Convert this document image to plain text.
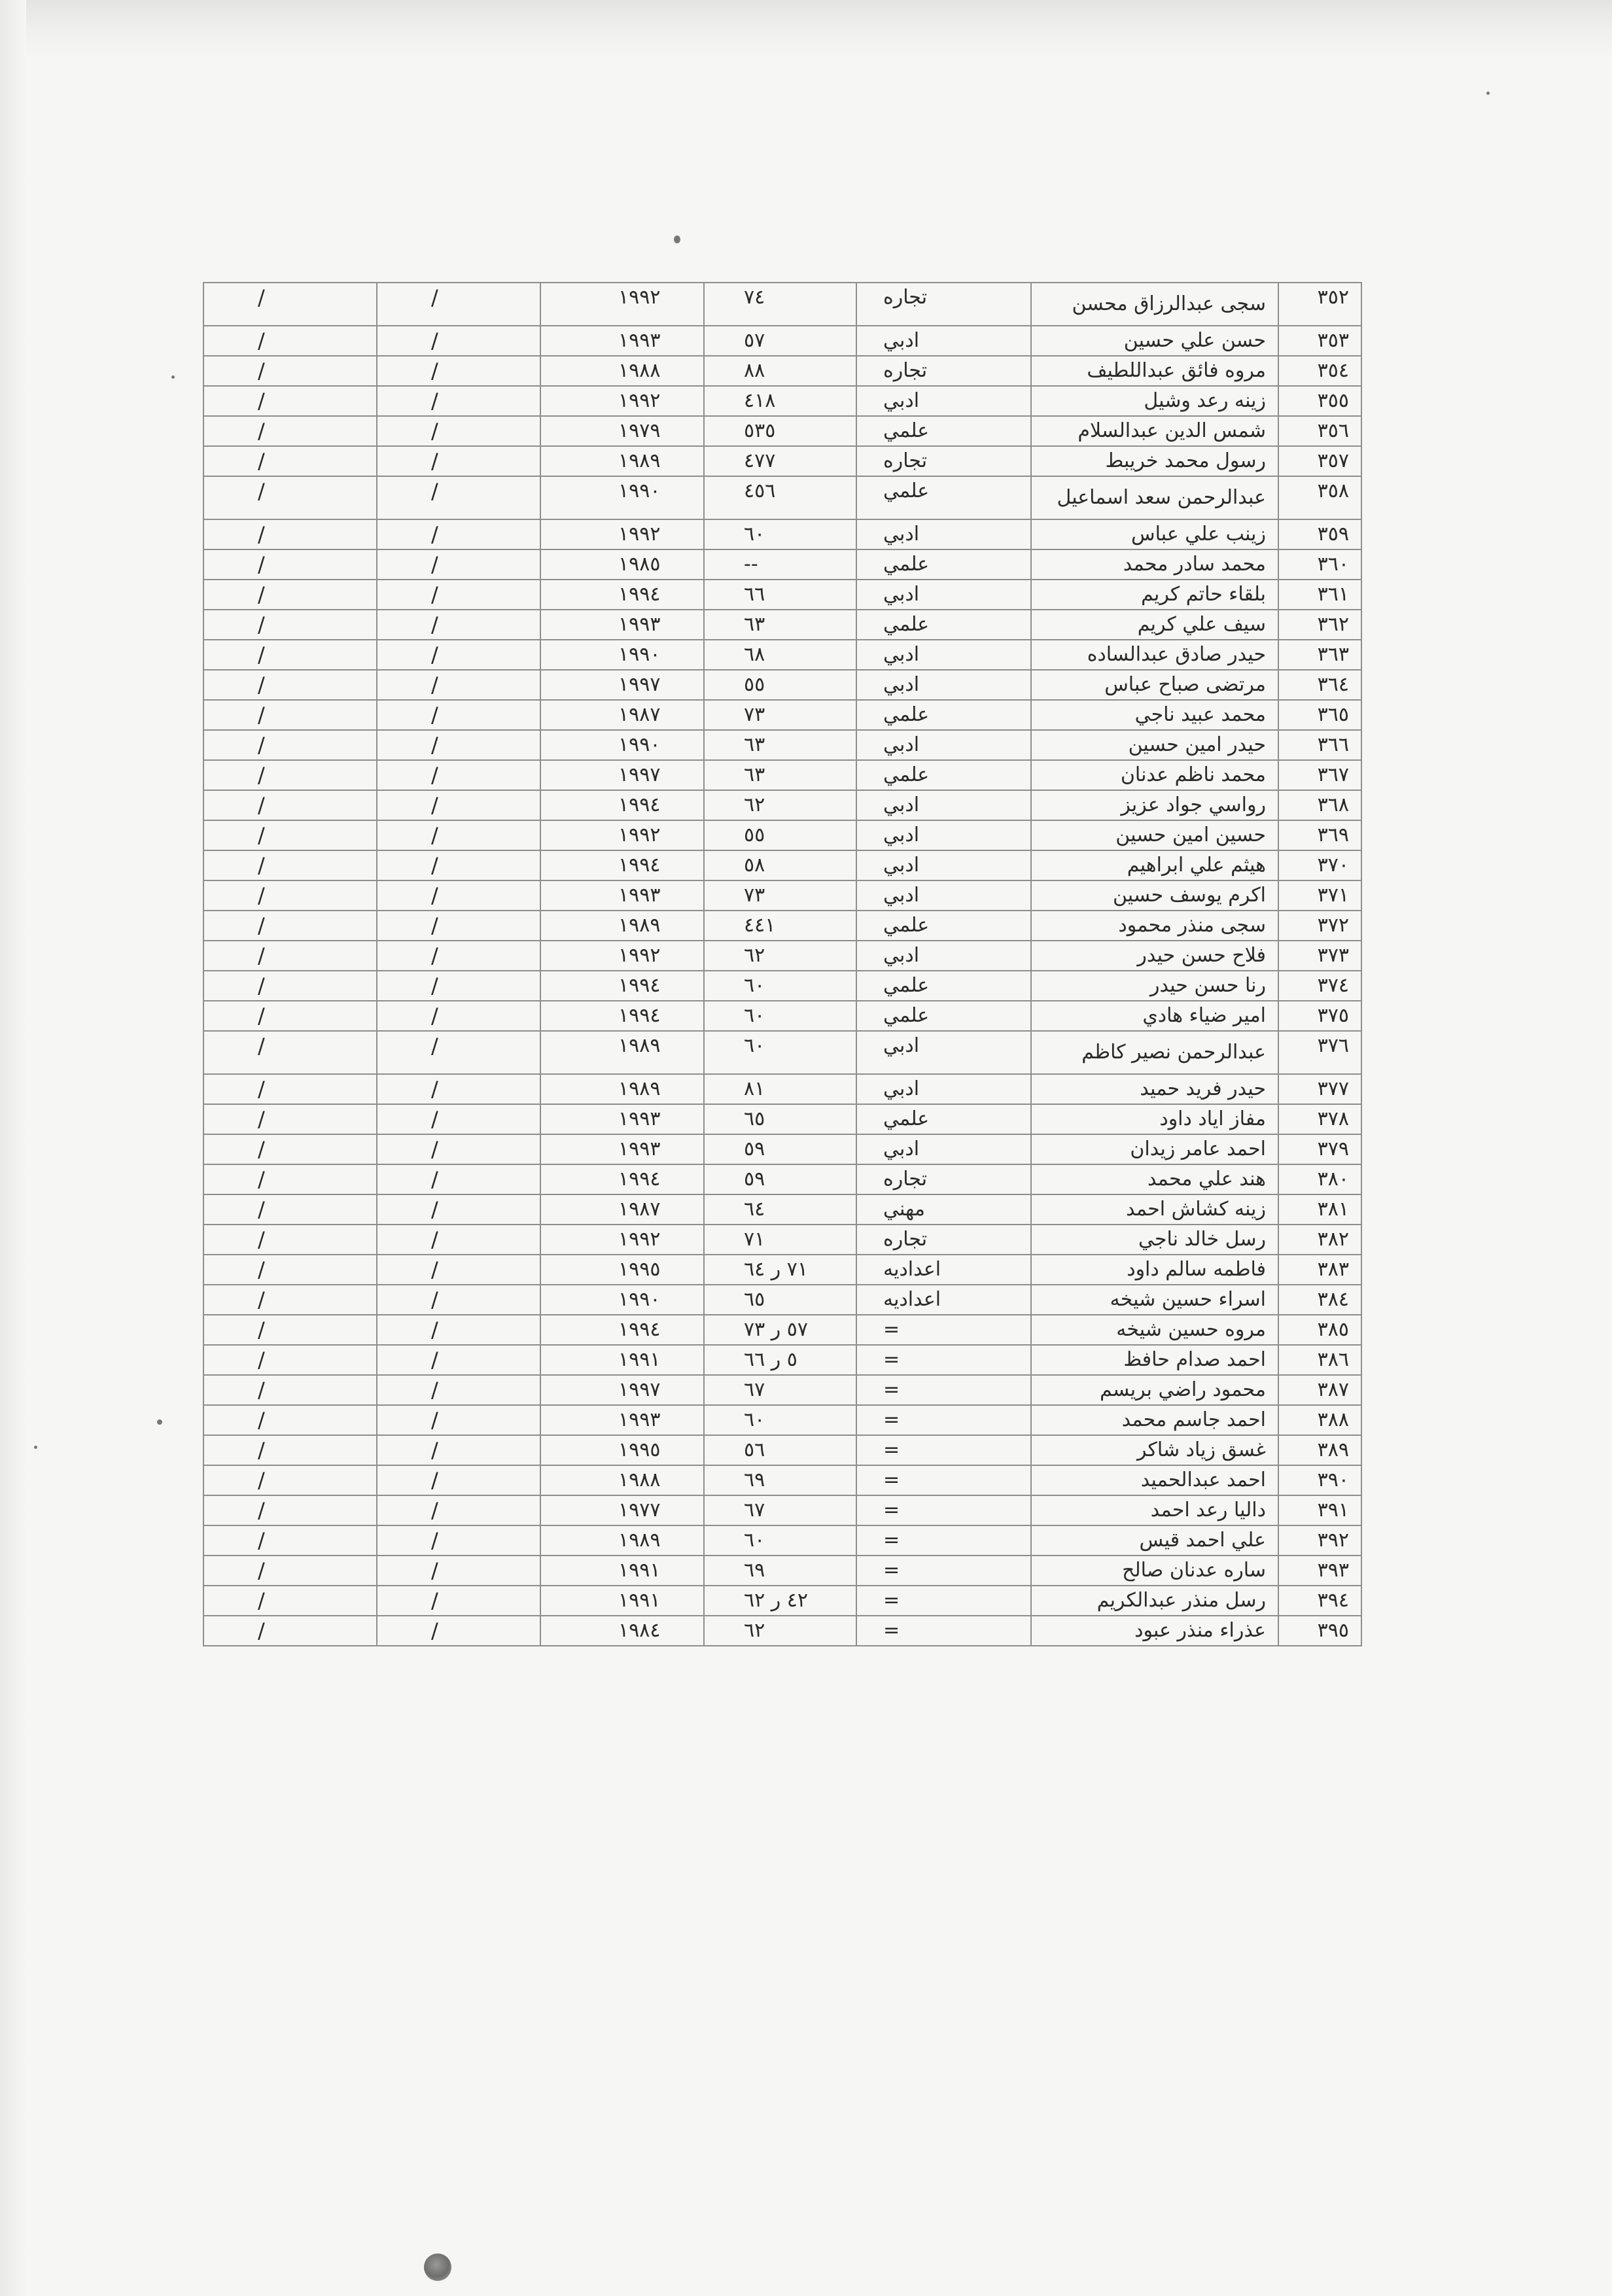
٣٥٢	سجى عبدالرزاق محسن	تجاره	٧٤	١٩٩٢	/	/
٣٥٣	حسن علي حسين	ادبي	٥٧	١٩٩٣	/	/
٣٥٤	مروه فائق عبداللطيف	تجاره	٨٨	١٩٨٨	/	/
٣٥٥	زينه رعد وشيل	ادبي	٤١٨	١٩٩٢	/	/
٣٥٦	شمس الدين عبدالسلام	علمي	٥٣٥	١٩٧٩	/	/
٣٥٧	رسول محمد خريبط	تجاره	٤٧٧	١٩٨٩	/	/
٣٥٨	عبدالرحمن سعد اسماعيل	علمي	٤٥٦	١٩٩٠	/	/
٣٥٩	زينب علي عباس	ادبي	٦٠	١٩٩٢	/	/
٣٦٠	محمد سادر محمد	علمي	--	١٩٨٥	/	/
٣٦١	بلقاء حاتم كريم	ادبي	٦٦	١٩٩٤	/	/
٣٦٢	سيف علي كريم	علمي	٦٣	١٩٩٣	/	/
٣٦٣	حيدر صادق عبدالساده	ادبي	٦٨	١٩٩٠	/	/
٣٦٤	مرتضى صباح عباس	ادبي	٥٥	١٩٩٧	/	/
٣٦٥	محمد عبيد ناجي	علمي	٧٣	١٩٨٧	/	/
٣٦٦	حيدر امين حسين	ادبي	٦٣	١٩٩٠	/	/
٣٦٧	محمد ناظم عدنان	علمي	٦٣	١٩٩٧	/	/
٣٦٨	رواسي جواد عزيز	ادبي	٦٢	١٩٩٤	/	/
٣٦٩	حسين امين حسين	ادبي	٥٥	١٩٩٢	/	/
٣٧٠	هيثم علي ابراهيم	ادبي	٥٨	١٩٩٤	/	/
٣٧١	اكرم يوسف حسين	ادبي	٧٣	١٩٩٣	/	/
٣٧٢	سجى منذر محمود	علمي	٤٤١	١٩٨٩	/	/
٣٧٣	فلاح حسن حيدر	ادبي	٦٢	١٩٩٢	/	/
٣٧٤	رنا حسن حيدر	علمي	٦٠	١٩٩٤	/	/
٣٧٥	امير ضياء هادي	علمي	٦٠	١٩٩٤	/	/
٣٧٦	عبدالرحمن نصير كاظم	ادبي	٦٠	١٩٨٩	/	/
٣٧٧	حيدر فريد حميد	ادبي	٨١	١٩٨٩	/	/
٣٧٨	مفاز اياد داود	علمي	٦٥	١٩٩٣	/	/
٣٧٩	احمد عامر زيدان	ادبي	٥٩	١٩٩٣	/	/
٣٨٠	هند علي محمد	تجاره	٥٩	١٩٩٤	/	/
٣٨١	زينه كشاش احمد	مهني	٦٤	١٩٨٧	/	/
٣٨٢	رسل خالد ناجي	تجاره	٧١	١٩٩٢	/	/
٣٨٣	فاطمه سالم داود	اعداديه	٧١ ر ٦٤	١٩٩٥	/	/
٣٨٤	اسراء حسين شيخه	اعداديه	٦٥	١٩٩٠	/	/
٣٨٥	مروه حسين شيخه	=	٥٧ ر ٧٣	١٩٩٤	/	/
٣٨٦	احمد صدام حافظ	=	٥ ر ٦٦	١٩٩١	/	/
٣٨٧	محمود راضي بريسم	=	٦٧	١٩٩٧	/	/
٣٨٨	احمد جاسم محمد	=	٦٠	١٩٩٣	/	/
٣٨٩	غسق زياد شاكر	=	٥٦	١٩٩٥	/	/
٣٩٠	احمد عبدالحميد	=	٦٩	١٩٨٨	/	/
٣٩١	داليا رعد احمد	=	٦٧	١٩٧٧	/	/
٣٩٢	علي احمد قيس	=	٦٠	١٩٨٩	/	/
٣٩٣	ساره عدنان صالح	=	٦٩	١٩٩١	/	/
٣٩٤	رسل منذر عبدالكريم	=	٤٢ ر ٦٢	١٩٩١	/	/
٣٩٥	عذراء منذر عبود	=	٦٢	١٩٨٤	/	/
